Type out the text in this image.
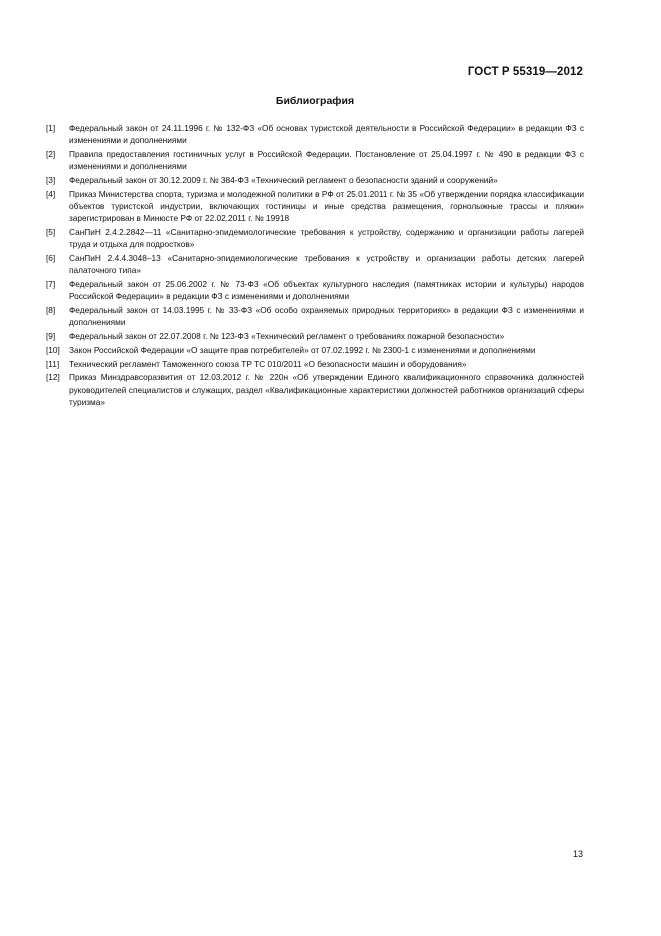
ГОСТ Р 55319—2012
Библиография
[1]	Федеральный закон от 24.11.1996 г. № 132-ФЗ «Об основах туристской деятельности в Российской Федерации» в редакции ФЗ с изменениями и дополнениями
[2]	Правила предоставления гостиничных услуг в Российской Федерации. Постановление от 25.04.1997 г. № 490 в редакции ФЗ с изменениями и дополнениями
[3]	Федеральный закон от 30.12.2009 г. № 384-ФЗ «Технический регламент о безопасности зданий и сооружений»
[4]	Приказ Министерства спорта, туризма и молодежной политики в РФ от 25.01.2011 г. № 35 «Об утверждении порядка классификации объектов туристской индустрии, включающих гостиницы и иные средства размещения, горнолыжные трассы и пляжи» зарегистрирован в Минюсте РФ от 22.02.2011 г. № 19918
[5]	СанПиН 2.4.2.2842—11 «Санитарно-эпидемиологические требования к устройству, содержанию и организации работы лагерей труда и отдыха для подростков»
[6]	СанПиН 2.4.4.3048–13 «Санитарно-эпидемиологические требования к устройству и организации работы детских лагерей палаточного типа»
[7]	Федеральный закон от 25.06.2002 г. № 73-ФЗ «Об объектах культурного наследия (памятниках истории и культуры) народов Российской Федерации» в редакции ФЗ с изменениями и дополнениями
[8]	Федеральный закон от 14.03.1995 г. № 33-ФЗ «Об особо охраняемых природных территориях» в редакции ФЗ с изменениями и дополнениями
[9]	Федеральный закон от 22.07.2008 г. № 123-ФЗ «Технический регламент о требованиях пожарной безопасности»
[10]	Закон Российской Федерации «О защите прав потребителей» от 07.02.1992 г. № 2300-1 с изменениями и дополнениями
[11]	Технический регламент Таможенного союза ТР ТС 010/2011 «О безопасности машин и оборудования»
[12]	Приказ Минздравсоразвития от 12.03.2012 г. № 220н «Об утверждении Единого квалификационного справочника должностей руководителей специалистов и служащих, раздел «Квалификационные характеристики должностей работников организаций сферы туризма»
13
